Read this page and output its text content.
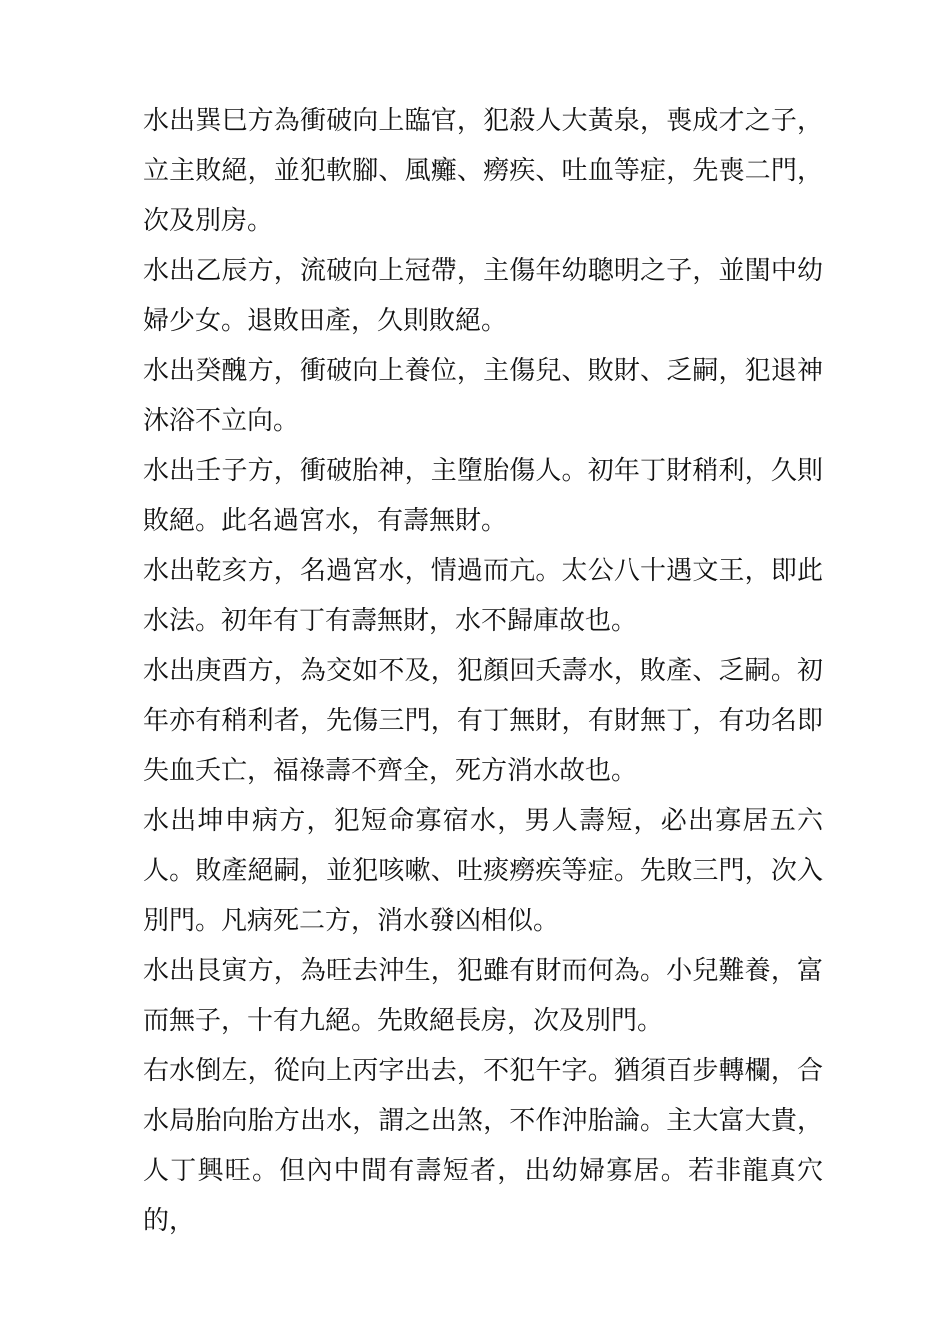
水出巽巳方為衝破向上臨官，犯殺人大黃泉，喪成才之子，立主敗絕，並犯軟腳、風癱、癆疾、吐血等症，先喪二門，次及別房。

水出乙辰方，流破向上冠帶，主傷年幼聰明之子，並閨中幼婦少女。退敗田產，久則敗絕。

水出癸醜方，衝破向上養位，主傷兒、敗財、乏嗣，犯退神沐浴不立向。

水出壬子方，衝破胎神，主墮胎傷人。初年丁財稍利，久則敗絕。此名過宮水，有壽無財。

水出乾亥方，名過宮水，情過而亢。太公八十遇文王，即此水法。初年有丁有壽無財，水不歸庫故也。

水出庚酉方，為交如不及，犯顏回夭壽水，敗產、乏嗣。初年亦有稍利者，先傷三門，有丁無財，有財無丁，有功名即失血夭亡，福祿壽不齊全，死方消水故也。

水出坤申病方，犯短命寡宿水，男人壽短，必出寡居五六人。敗產絕嗣，並犯咳嗽、吐痰癆疾等症。先敗三門，次入別門。凡病死二方，消水發凶相似。

水出艮寅方，為旺去沖生，犯雖有財而何為。小兒難養，富而無子，十有九絕。先敗絕長房，次及別門。

右水倒左，從向上丙字出去，不犯午字。猶須百步轉欄，合水局胎向胎方出水，謂之出煞，不作沖胎論。主大富大貴，人丁興旺。但內中間有壽短者，出幼婦寡居。若非龍真穴的，
